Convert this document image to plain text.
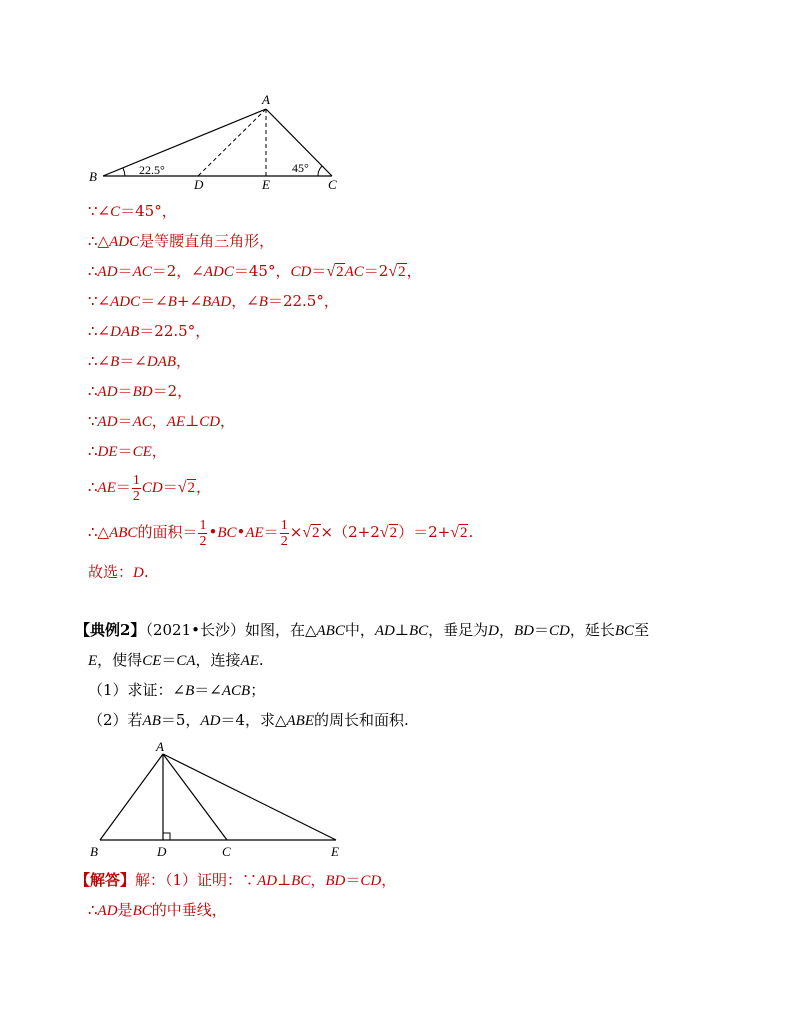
A
B
C
D	E
22.5°	45°
∵∠C＝45°，
∴△ADC是等腰直角三角形，
∴AD＝AC＝2，∠ADC＝45°，CD＝√2AC＝2√2，
∵∠ADC＝∠B+∠BAD，∠B＝22.5°，
∴∠DAB＝22.5°，
∴∠B＝∠DAB，
∴AD＝BD＝2，
∵AD＝AC，AE⊥CD，
∴DE＝CE，
∴AE＝ $\frac{1}{2} CD=√2$，
∴△ABC的面积＝ $\frac{1}{2}$ •BC•AE＝ $\frac{1}{2} \times√2\times(2+2√2)=2+√2$.
故选：D.
【典例2】（2021•长沙）如图，在△ABC中，AD⊥BC，垂足为D，BD＝CD，延长BC至
E，使得CE＝CA，连接AE.
（1）求证：∠B＝∠ACB；
（2）若AB＝5，AD＝4，求△ABE的周长和面积.
A
B	D	C	E
【解答】解：（1）证明：∵AD⊥BC，BD＝CD，
∴AD是BC的中垂线，
